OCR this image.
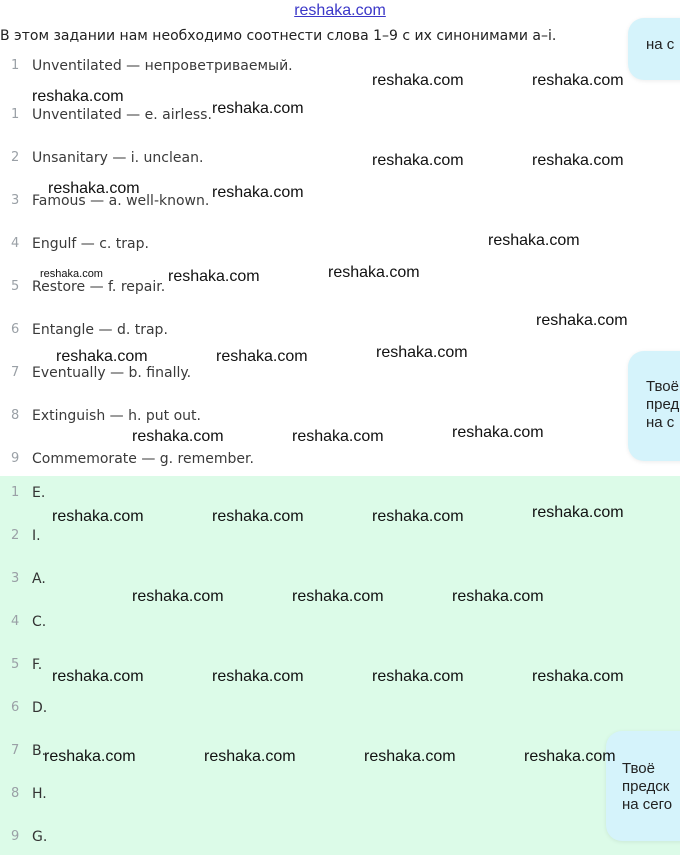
reshaka.com
В этом задании нам необходимо соотнести слова 1–9 с их синонимами a–i.
1 Unventilated — непроветриваемый.
1 Unventilated — e. airless.
2 Unsanitary — i. unclean.
3 Famous — a. well-known.
4 Engulf — c. trap.
5 Restore — f. repair.
6 Entangle — d. trap.
7 Eventually — b. finally.
8 Extinguish — h. put out.
9 Commemorate — g. remember.
1 E.
2 I.
3 A.
4 C.
5 F.
6 D.
7 B.
8 H.
9 G.
на с
Твоё
пред
на с
Твоё
предск
на сего
reshaka.com	reshaka.com
reshaka.com
reshaka.com
reshaka.com	reshaka.com
reshaka.com	reshaka.com
reshaka.com
reshaka.com	reshaka.com	reshaka.com
reshaka.com
reshaka.com	reshaka.com	reshaka.com
reshaka.com	reshaka.com	reshaka.com
reshaka.com	reshaka.com	reshaka.com	reshaka.com
reshaka.com	reshaka.com	reshaka.com
reshaka.com	reshaka.com	reshaka.com	reshaka.com
reshaka.com	reshaka.com	reshaka.com	reshaka.com
